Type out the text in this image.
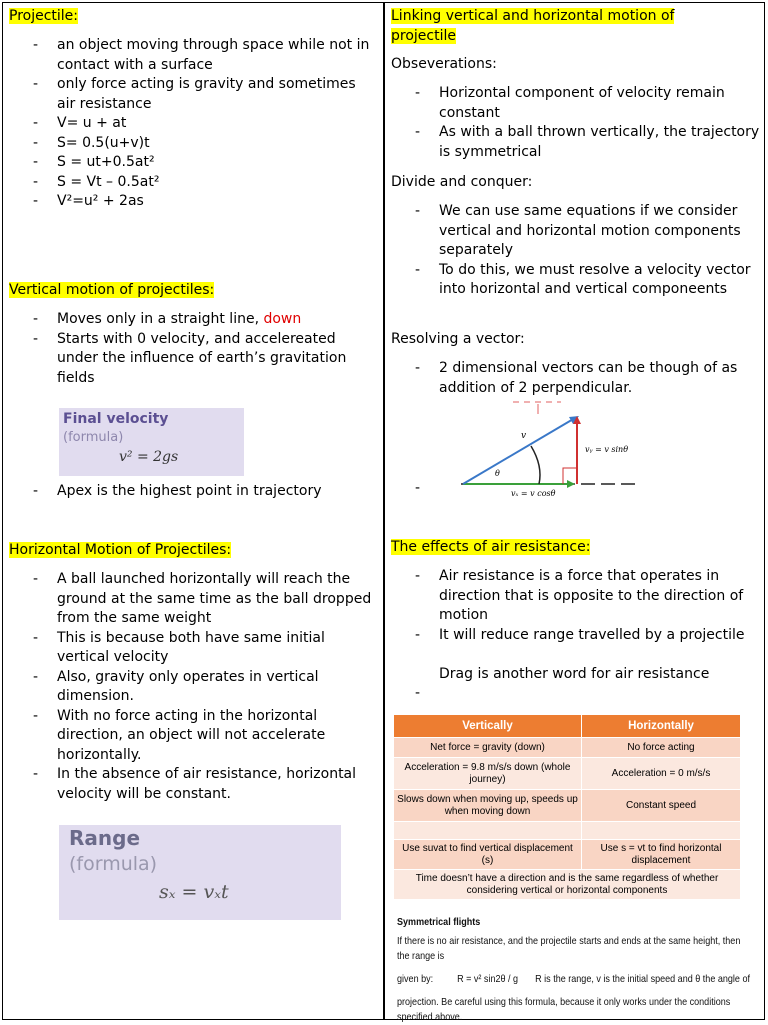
Projectile:
- an object moving through space while not in contact with a surface
- only force acting is gravity and sometimes air resistance
- V= u + at
- S= 0.5(u+v)t
- S = ut+0.5at²
- S = Vt – 0.5at²
- V²=u² + 2as
Vertical motion of projectiles:
- Moves only in a straight line, down
- Starts with 0 velocity, and accelereated under the influence of earth’s gravitation fields
Final velocity
(formula)
v² = 2gs
- Apex is the highest point in trajectory
Horizontal Motion of Projectiles:
- A ball launched horizontally will reach the ground at the same time as the ball dropped from the same weight
- This is because both have same initial vertical velocity
- Also, gravity only operates in vertical dimension.
- With no force acting in the horizontal direction, an object will not accelerate horizontally.
- In the absence of air resistance, horizontal velocity will be constant.
Range
(formula)
sₓ = vₓt
Linking vertical and horizontal motion of projectile
Obseverations:
- Horizontal component of velocity remain constant
- As with a ball thrown vertically, the trajectory is symmetrical
Divide and conquer:
- We can use same equations if we consider vertical and horizontal motion components separately
- To do this, we must resolve a velocity vector into horizontal and vertical componeents
Resolving a vector:
- 2 dimensional vectors can be though of as addition of 2 perpendicular.
-
v
θ
vᵧ = v sinθ
vₓ = v cosθ
The effects of air resistance:
- Air resistance is a force that operates in direction that is opposite to the direction of motion
- It will reduce range travelled by a projectile
Drag is another word for air resistance
-
Vertically	Horizontally
Net force = gravity (down)	No force acting
Acceleration = 9.8 m/s/s down (whole journey)	Acceleration = 0 m/s/s
Slows down when moving up, speeds up when moving down	Constant speed

Use suvat to find vertical displacement (s)	Use s = vt to find horizontal displacement
Time doesn’t have a direction and is the same regardless of whether considering vertical or horizontal components	
Symmetrical flights
If there is no air resistance, and the projectile starts and ends at the same height, then the range is
given by: R = v² sin2θ / g R is the range, v is the initial speed and θ the angle of
projection. Be careful using this formula, because it only works under the conditions specified above.
